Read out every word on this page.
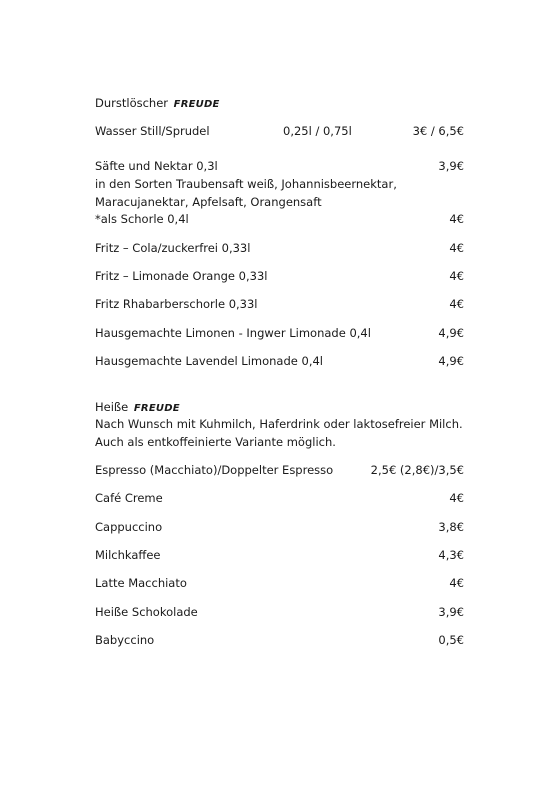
Durstlöscher FREUDE
Wasser Still/Sprudel	0,25l / 0,75l	3€ / 6,5€
Säfte und Nektar 0,3l	3,9€
in den Sorten Traubensaft weiß, Johannisbeernektar,
Maracujanektar, Apfelsaft, Orangensaft
*als Schorle 0,4l	4€
Fritz – Cola/zuckerfrei 0,33l	4€
Fritz – Limonade Orange 0,33l	4€
Fritz Rhabarberschorle 0,33l	4€
Hausgemachte Limonen - Ingwer Limonade 0,4l	4,9€
Hausgemachte Lavendel Limonade 0,4l	4,9€
Heiße FREUDE
Nach Wunsch mit Kuhmilch, Haferdrink oder laktosefreier Milch.
Auch als entkoffeinierte Variante möglich.
Espresso (Macchiato)/Doppelter Espresso	2,5€ (2,8€)/3,5€
Café Creme	4€
Cappuccino	3,8€
Milchkaffee	4,3€
Latte Macchiato	4€
Heiße Schokolade	3,9€
Babyccino	0,5€
